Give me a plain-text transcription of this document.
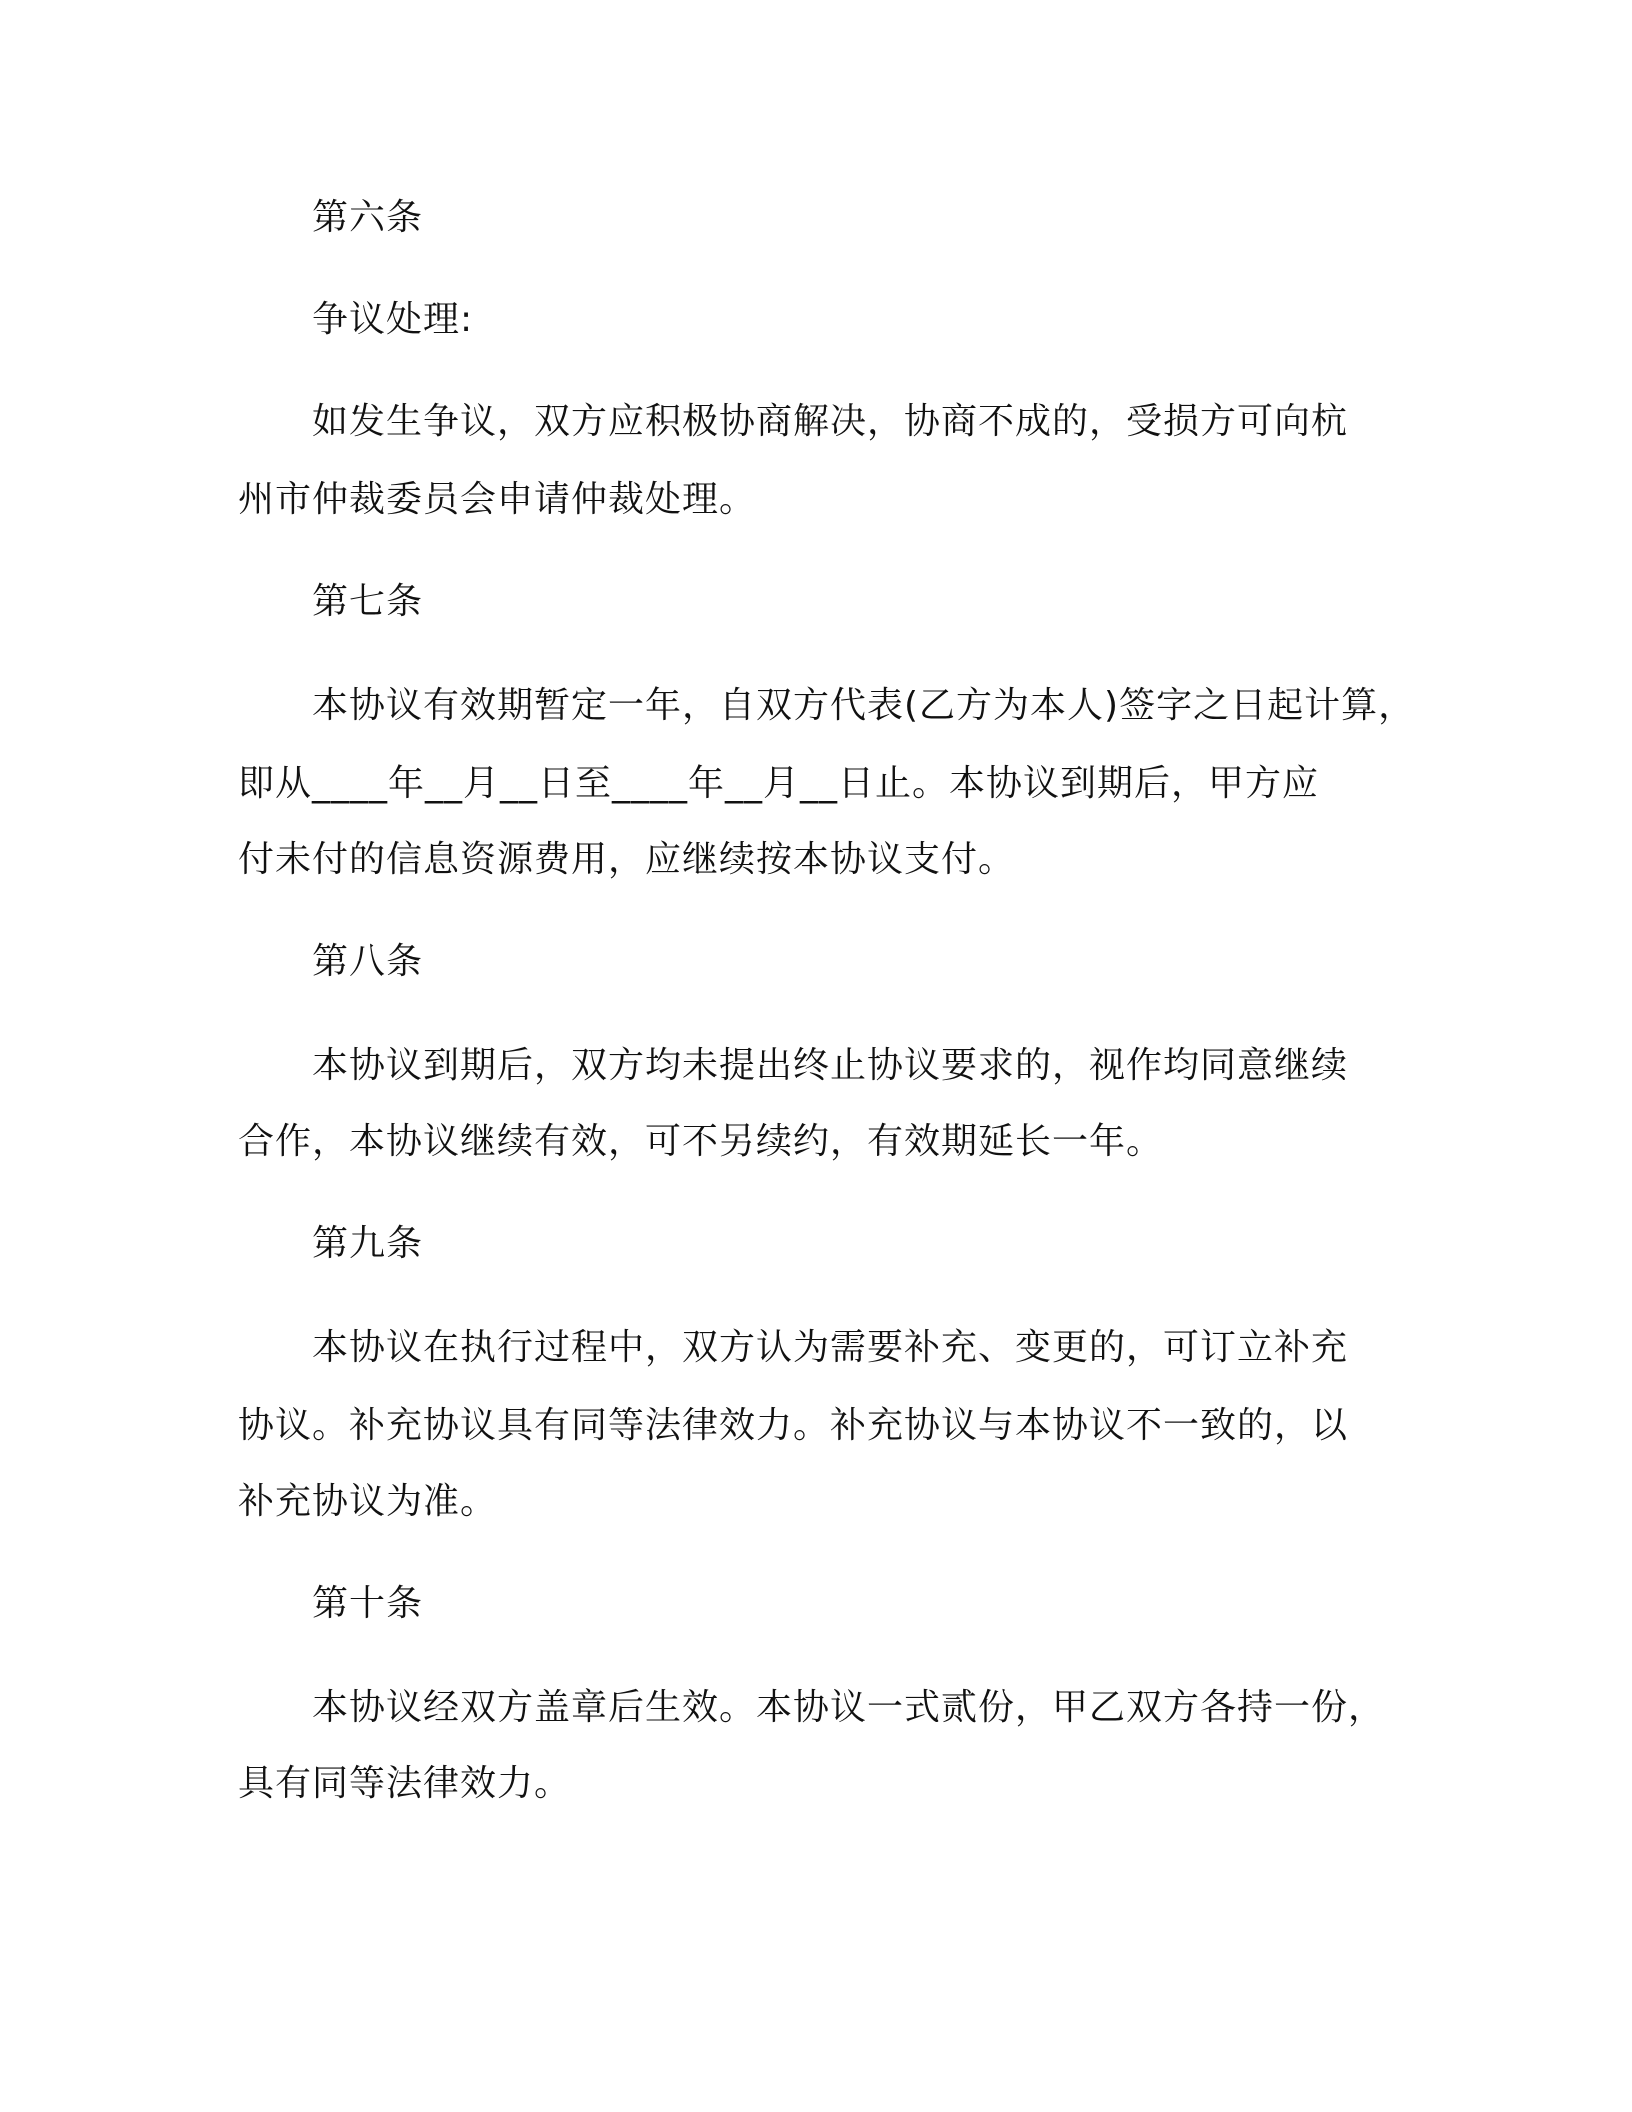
第六条
争议处理:
如发生争议，双方应积极协商解决，协商不成的，受损方可向杭
州市仲裁委员会申请仲裁处理。
第七条
本协议有效期暂定一年，自双方代表(乙方为本人)签字之日起计算，
即从____年__月__日至____年__月__日止。本协议到期后，甲方应
付未付的信息资源费用，应继续按本协议支付。
第八条
本协议到期后，双方均未提出终止协议要求的，视作均同意继续
合作，本协议继续有效，可不另续约，有效期延长一年。
第九条
本协议在执行过程中，双方认为需要补充、变更的，可订立补充
协议。补充协议具有同等法律效力。补充协议与本协议不一致的，以
补充协议为准。
第十条
本协议经双方盖章后生效。本协议一式贰份，甲乙双方各持一份，
具有同等法律效力。
